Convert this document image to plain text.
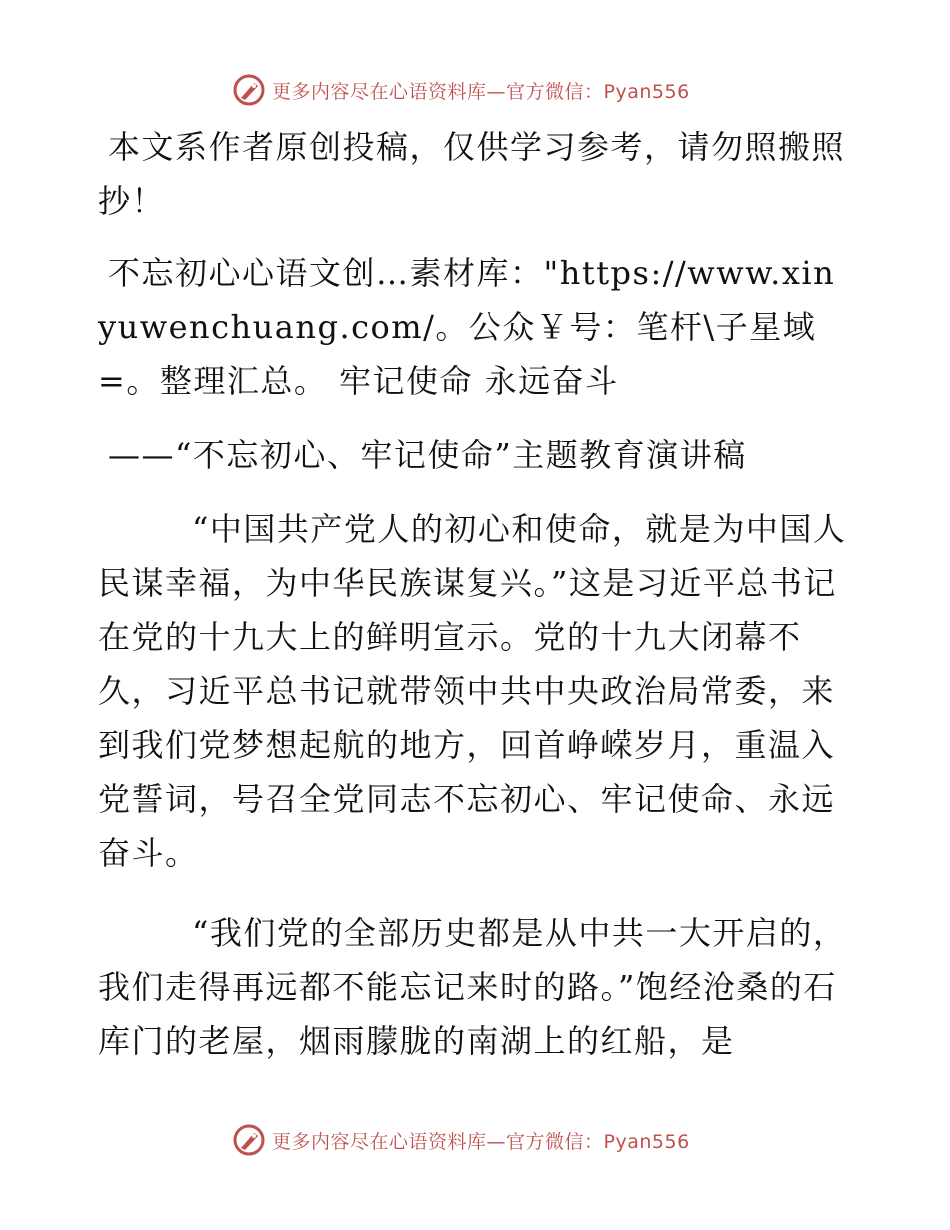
更多内容尽在心语资料库—官方微信：Pyan556

本文系作者原创投稿，仅供学习参考，请勿照搬照抄！

不忘初心心语文创…素材库："https://www.xinyuwenchuang.com/。公众￥号：笔杆\子星域=。整理汇总。 牢记使命 永远奋斗

——“不忘初心、牢记使命”主题教育演讲稿

“中国共产党人的初心和使命，就是为中国人民谋幸福，为中华民族谋复兴。”这是习近平总书记在党的十九大上的鲜明宣示。党的十九大闭幕不久，习近平总书记就带领中共中央政治局常委，来到我们党梦想起航的地方，回首峥嵘岁月，重温入党誓词，号召全党同志不忘初心、牢记使命、永远奋斗。

“我们党的全部历史都是从中共一大开启的，我们走得再远都不能忘记来时的路。”饱经沧桑的石库门的老屋，烟雨朦胧的南湖上的红船，是

更多内容尽在心语资料库—官方微信：Pyan556
